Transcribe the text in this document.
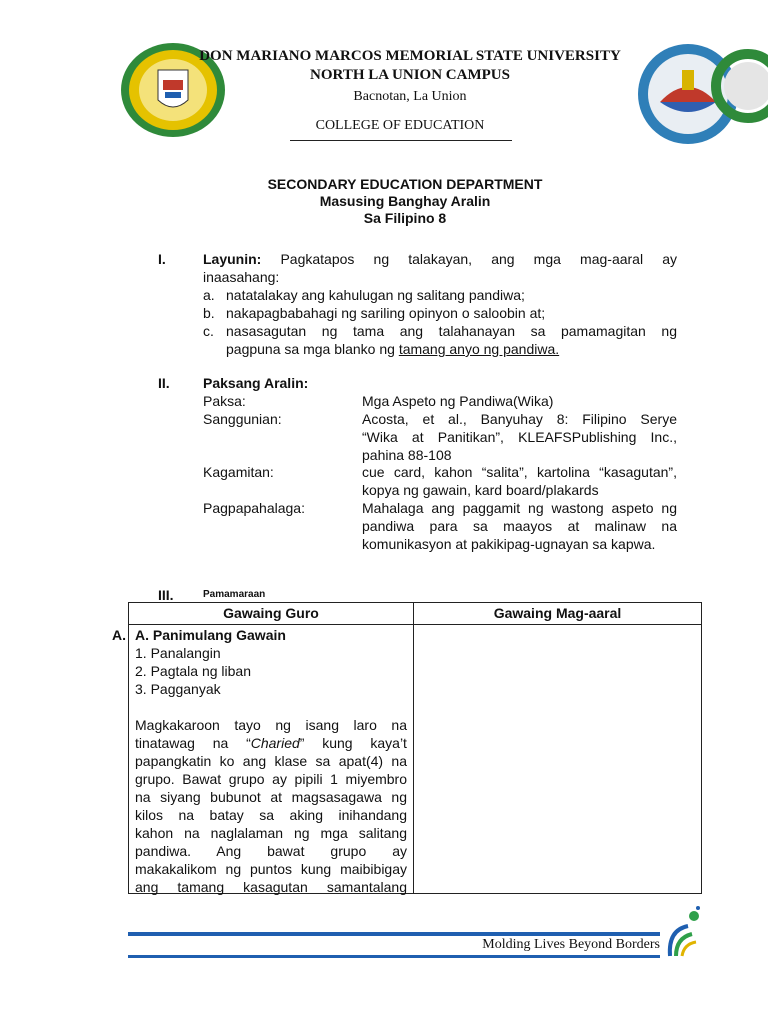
DON MARIANO MARCOS MEMORIAL STATE UNIVERSITY
NORTH LA UNION CAMPUS
Bacnotan, La Union
COLLEGE OF EDUCATION
SECONDARY EDUCATION DEPARTMENT
Masusing Banghay Aralin
Sa Filipino 8
I.	Layunin: Pagkatapos ng talakayan, ang mga mag-aaral ay
inaasahang:
a. natatalakay ang kahulugan ng salitang pandiwa;
b. nakapagbabahagi ng sariling opinyon o saloobin at;
c. nasasagutan ng tama ang talahanayan sa pamamagitan ng
pagpuna sa mga blanko ng tamang anyo ng pandiwa.
II. Paksang Aralin:
Paksa:	Mga Aspeto ng Pandiwa(Wika)
Sanggunian:	Acosta, et al., Banyuhay 8: Filipino Serye
“Wika at Panitikan”, KLEAFSPublishing Inc.,
pahina 88-108
Kagamitan:	cue card, kahon “salita”, kartolina “kasagutan”,
kopya ng gawain, kard board/plakards
Pagpapahalaga:	Mahalaga ang paggamit ng wastong aspeto ng
pandiwa para sa maayos at malinaw na
komunikasyon at pakikipag-ugnayan sa kapwa.
III.	Pamamaraan
A.
Gawaing Guro	Gawaing Mag-aaral
A. Panimulang Gawain
1. Panalangin
2. Pagtala ng liban
3. Pagganyak
Magkakaroon tayo ng isang laro na
tinatawag na “Charied” kung kaya’t
papangkatin ko ang klase sa apat(4) na
grupo. Bawat grupo ay pipili 1 miyembro
na siyang bubunot at magsasagawa ng
kilos na batay sa aking inihandang
kahon na naglalaman ng mga salitang
pandiwa. Ang bawat grupo ay
makakalikom ng puntos kung maibibigay
ang tamang kasagutan samantalang
Molding Lives Beyond Borders
